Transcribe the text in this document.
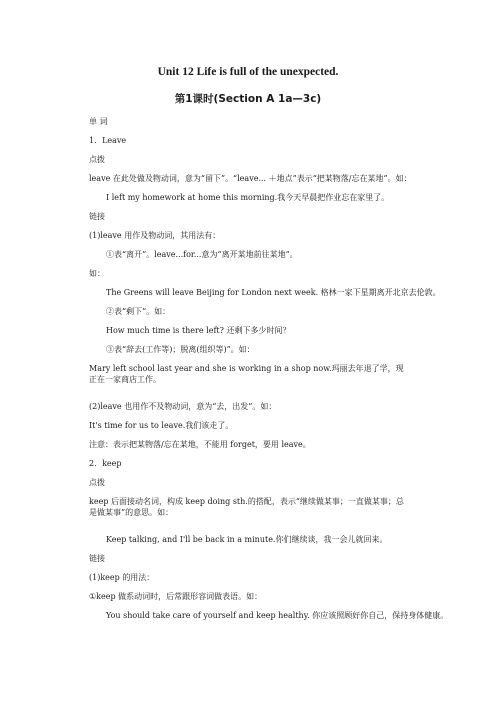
Unit 12 Life is full of the unexpected.
第1课时(Section A 1a—3c)
单 词
1．Leave
点拨
leave 在此处做及物动词，意为“留下”。“leave... ＋地点”表示“把某物落/忘在某地”。如：
I left my homework at home this morning.我今天早晨把作业忘在家里了。
链接
(1)leave 用作及物动词，其用法有：
①表“离开”。leave...for...意为“离开某地前往某地”。
如：
The Greens will leave Beijing for London next week. 格林一家下星期离开北京去伦敦。
②表“剩下”。如：
How much time is there left? 还剩下多少时间？
③表“辞去(工作等)；脱离(组织等)”。如：
Mary left school last year and she is working in a shop now.玛丽去年退了学，现正在一家商店工作。
(2)leave 也用作不及物动词，意为“去，出发”。如：
It's time for us to leave.我们该走了。
注意：表示把某物落/忘在某地，不能用 forget，要用 leave。
2．keep
点拨
keep 后面接动名词，构成 keep doing sth.的搭配，表示“继续做某事；一直做某事；总是做某事”的意思。如：
Keep talking, and I'll be back in a minute.你们继续谈，我一会儿就回来。
链接
(1)keep 的用法：
①keep 做系动词时，后常跟形容词做表语。如：
You should take care of yourself and keep healthy. 你应该照顾好你自己，保持身体健康。
